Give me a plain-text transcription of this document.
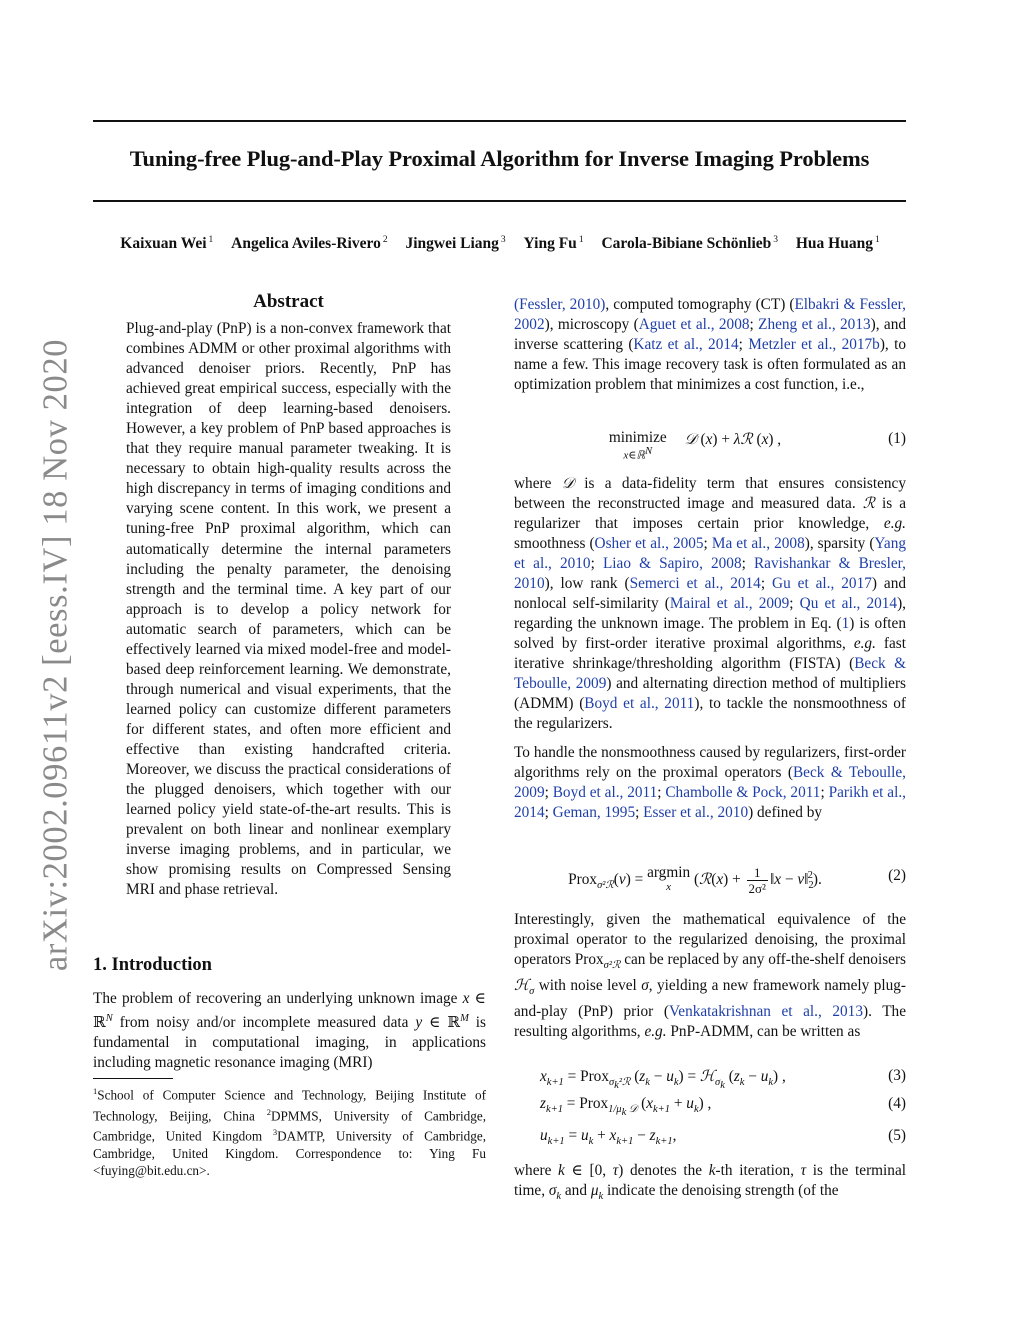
Tuning-free Plug-and-Play Proximal Algorithm for Inverse Imaging Problems
Kaixuan Wei $^1$ Angelica Aviles-Rivero $^2$ Jingwei Liang $^3$ Ying Fu $^1$ Carola-Bibiane Schönlieb $^3$ Hua Huang $^1$
arXiv:2002.09611v2 [eess.IV] 18 Nov 2020
Abstract
Plug-and-play (PnP) is a non-convex framework that combines ADMM or other proximal algorithms with advanced denoiser priors. Recently, PnP has achieved great empirical success, especially with the integration of deep learning-based denoisers. However, a key problem of PnP based approaches is that they require manual parameter tweaking. It is necessary to obtain high-quality results across the high discrepancy in terms of imaging conditions and varying scene content. In this work, we present a tuning-free PnP proximal algorithm, which can automatically determine the internal parameters including the penalty parameter, the denoising strength and the terminal time. A key part of our approach is to develop a policy network for automatic search of parameters, which can be effectively learned via mixed model-free and model-based deep reinforcement learning. We demonstrate, through numerical and visual experiments, that the learned policy can customize different parameters for different states, and often more efficient and effective than existing handcrafted criteria. Moreover, we discuss the practical considerations of the plugged denoisers, which together with our learned policy yield state-of-the-art results. This is prevalent on both linear and nonlinear exemplary inverse imaging problems, and in particular, we show promising results on Compressed Sensing MRI and phase retrieval.
1. Introduction
The problem of recovering an underlying unknown image x ∈ ℝ$^N$ from noisy and/or incomplete measured data y ∈ ℝ$^M$ is fundamental in computational imaging, in applications including magnetic resonance imaging (MRI)
$^1$School of Computer Science and Technology, Beijing Institute of Technology, Beijing, China $^2$DPMMS, University of Cambridge, Cambridge, United Kingdom $^3$DAMTP, University of Cambridge, Cambridge, United Kingdom. Correspondence to: Ying Fu <fuying@bit.edu.cn>.
(Fessler, 2010), computed tomography (CT) (Elbakri & Fessler, 2002), microscopy (Aguet et al., 2008; Zheng et al., 2013), and inverse scattering (Katz et al., 2014; Metzler et al., 2017b), to name a few. This image recovery task is often formulated as an optimization problem that minimizes a cost function, i.e.,
minimize
x∈ℝ$^N$
𝒟 (x) + λℛ (x) ,	(1)
where 𝒟 is a data-fidelity term that ensures consistency between the reconstructed image and measured data. ℛ is a regularizer that imposes certain prior knowledge, e.g. smoothness (Osher et al., 2005; Ma et al., 2008), sparsity (Yang et al., 2010; Liao & Sapiro, 2008; Ravishankar & Bresler, 2010), low rank (Semerci et al., 2014; Gu et al., 2017) and nonlocal self-similarity (Mairal et al., 2009; Qu et al., 2014), regarding the unknown image. The problem in Eq. (1) is often solved by first-order iterative proximal algorithms, e.g. fast iterative shrinkage/thresholding algorithm (FISTA) (Beck & Teboulle, 2009) and alternating direction method of multipliers (ADMM) (Boyd et al., 2011), to tackle the nonsmoothness of the regularizers.
To handle the nonsmoothness caused by regularizers, first-order algorithms rely on the proximal operators (Beck & Teboulle, 2009; Boyd et al., 2011; Chambolle & Pock, 2011; Parikh et al., 2014; Geman, 1995; Esser et al., 2010) defined by
Prox$_{\sigma^2ℛ}$(v) = argmin
x	(ℛ(x) + $\frac{1}{\text{2σ²}}$ ‖x − $v‖_2^2$).	(2)
Interestingly, given the mathematical equivalence of the proximal operator to the regularized denoising, the proximal operators Prox$_{\sigma^2ℛ}$ can be replaced by any off-the-shelf denoisers ℋ$_\sigma$ with noise level σ, yielding a new framework namely plug-and-play (PnP) prior (Venkatakrishnan et al., 2013). The resulting algorithms, e.g. PnP-ADMM, can be written as
$x_{k+1}$ = Prox$_{\sigma_k^2ℛ}$ $(z_k - u_k)$ = ℋ$_{\sigma_k}$ $(z_k - u_k)$ ,	(3)
$z_{k+1}$ = Prox$_{1/\mu_k 𝒟}$ $(x_{k+1} + u_k)$ ,	(4)
$u_{k+1} = u_k + x_{k+1} - z_{k+1}$,	(5)
where k ∈ [0, τ) denotes the k-th iteration, τ is the terminal time, $\sigma_k$ and $\mu_k$ indicate the denoising strength (of the
